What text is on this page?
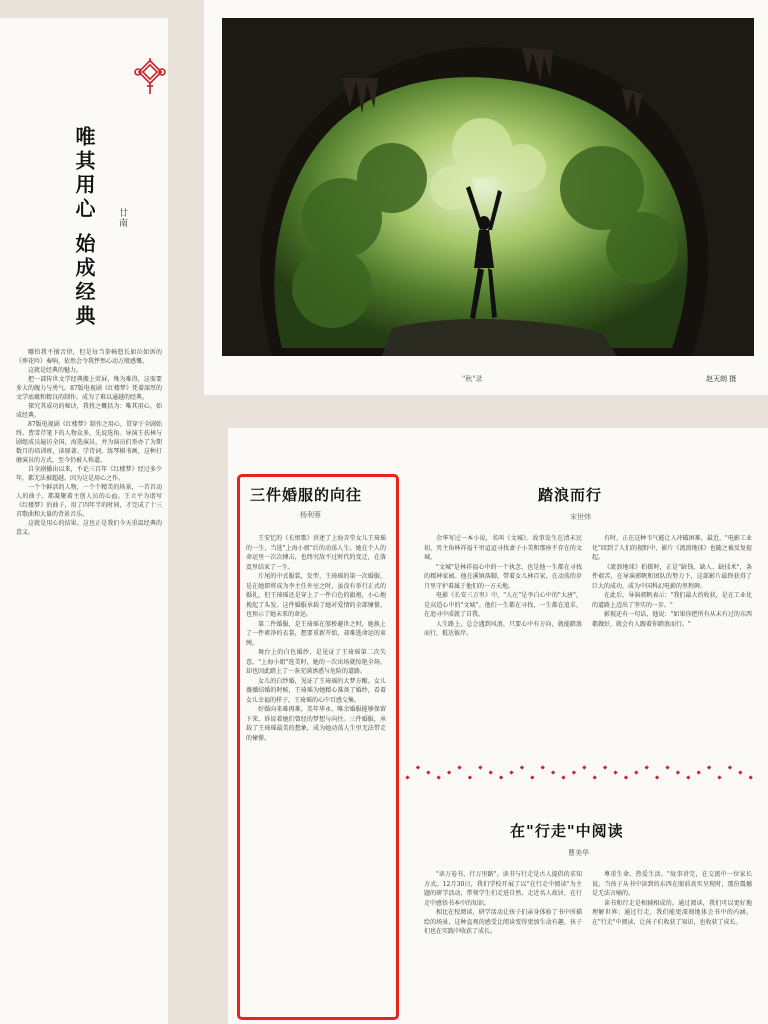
唯其用心 始成经典 廿南

哪怕我不擅音律，但是每当拳畅悠长如泣如诉的《葬花吟》奏响，依然会令我怦然心动万般感慨。

这就是经典的魅力。

把一部传世文学经典搬上荧屏，殊为难得，这需要多大的魄力与勇气。87版电视剧《红楼梦》凭着深厚的文学底蕴和精良的制作，成为了难以逾越的经典。

探究其成功的秘诀，我将之概括为：唯其用心，始成经典。

87版电视剧《红楼梦》制作之用心，贯穿于全剧始终。曹雪芹笔下的人物众多，先说选角。导演王扶林与剧组成员遍访全国，海选演员，并为演员们举办了为期数月的培训班，读原著、学诗词、练琴棋书画，这种打磨演员的方式，至今仍被人称道。

自全剧播出以来，不论三百年《红楼梦》经过多少年，都无法被超越。因为这是用心之作。

一个个鲜活的人物，一个个精美的场景，一首首动人的曲子，都凝聚着主创人员的心血。王立平为谱写《红楼梦》的曲子，用了四年半的时间，才完成了十三首歌曲和大量的背景音乐。

这就是用心的结果。这也正是我们今天重温经典的意义。

"秋"录	赵天朗 摄
三件婚服的向往
杨利蓉

王安忆的《长恨歌》讲述了上海弄堂女儿王琦瑶的一生，当选"上海小姐"后的动荡人生。她在个人的命运里一次次搏击，也终究敌不过时代的变迁，在落寞里结束了一生。

片尾的中式服装，发型、王琦瑶的第一次婚服，是在她即将成为李主任外室之时，虽没有举行正式的婚礼，但王琦瑶还是穿上了一件白色的旗袍，小心地挽起了头发。这件婚服承载了她对爱情的全部憧憬，也预示了她未来的命运。

第二件婚服，是王琦瑶在邬桥避世之时，她换上了一件素净的衣裳，想要重新开始，却难逃命运的束缚。

舞台上的白色婚纱，是见证了王琦瑶第二次失意。"上海小姐"选美时，她的一次出场就惊艳全场，却也因此踏上了一条充满诱惑与危险的道路。

女儿的白纱婚，见证了王琦瑶的大梦方醒。女儿薇薇结婚的时候，王琦瑶为她精心准备了婚纱，看着女儿幸福的样子，王琦瑶的心中百感交集。

好婚向来难再难，美年华永。唯余婚服能够保留下来，诉说着她们曾经的梦想与向往。三件婚服，承载了王琦瑶最美的想象，成为她动荡人生里无法带走的憧憬。

踏浪而行
宋世炜

余华写过一本小说，名叫《文城》。故事发生在清末民初，男主角林祥福千里迢迢寻找妻子小美和那座不存在的文城。

"文城"是林祥福心中的一个执念，也是他一生都在寻找的精神家园。他在溪镇落脚，带着女儿林百家，在动荡的岁月里守护着属于他们的一方天地。

电影《长安三万里》中，"人在"是李白心中的"大唐"，是高适心中的"文城"。他们一生都在寻找，一生都在追求，在追寻中成就了自我。

人生路上，总会遇到风浪，只要心中有方向，就能踏浪而行，抵达彼岸。

有时，正在这种韦气能让人冲破困难，最近，"电影工业化"回到了人们的视野中，影片《流浪地球》也随之被反复提起。

《流浪地球》拍摄时，正是"缺钱、缺人、缺技术"，条件艰苦，在导演郭帆和团队的努力下，这部影片最终获得了巨大的成功，成为中国科幻电影的里程碑。

在此后，导演郭帆表示："我们最大的收获，是在工业化的道路上迈出了坚实的一步。"

影视还有一句话，他说："如果你把所有从未有过的东西都做好，就会有人跟着你踏浪而行。"

在"行走"中阅读
曹美华

"读万卷书，行万里路"。读书与行走是古人提倡的求知方式。12月30日，我们学校开展了以"在行走中阅读"为主题的研学活动，带领学生们走进自然、走近名人故居，在行走中感悟书本中的知识。

相比在校阅读，研学活动让孩子们亲身体验了书中所描绘的场景，这种直观的感受让阅读变得更加生动有趣，孩子们也在实践中收获了成长。

尊重生命，热爱生活。"故事讲完，在交流中一位家长说，当孩子从书中读到的东西在眼前真实呈现时，那份震撼是无法言喻的。

读书和行走是相辅相成的。通过阅读，我们可以更好地理解世界；通过行走，我们能更深刻地体会书中的内涵。在"行走"中阅读，让孩子们收获了知识，也收获了成长。
